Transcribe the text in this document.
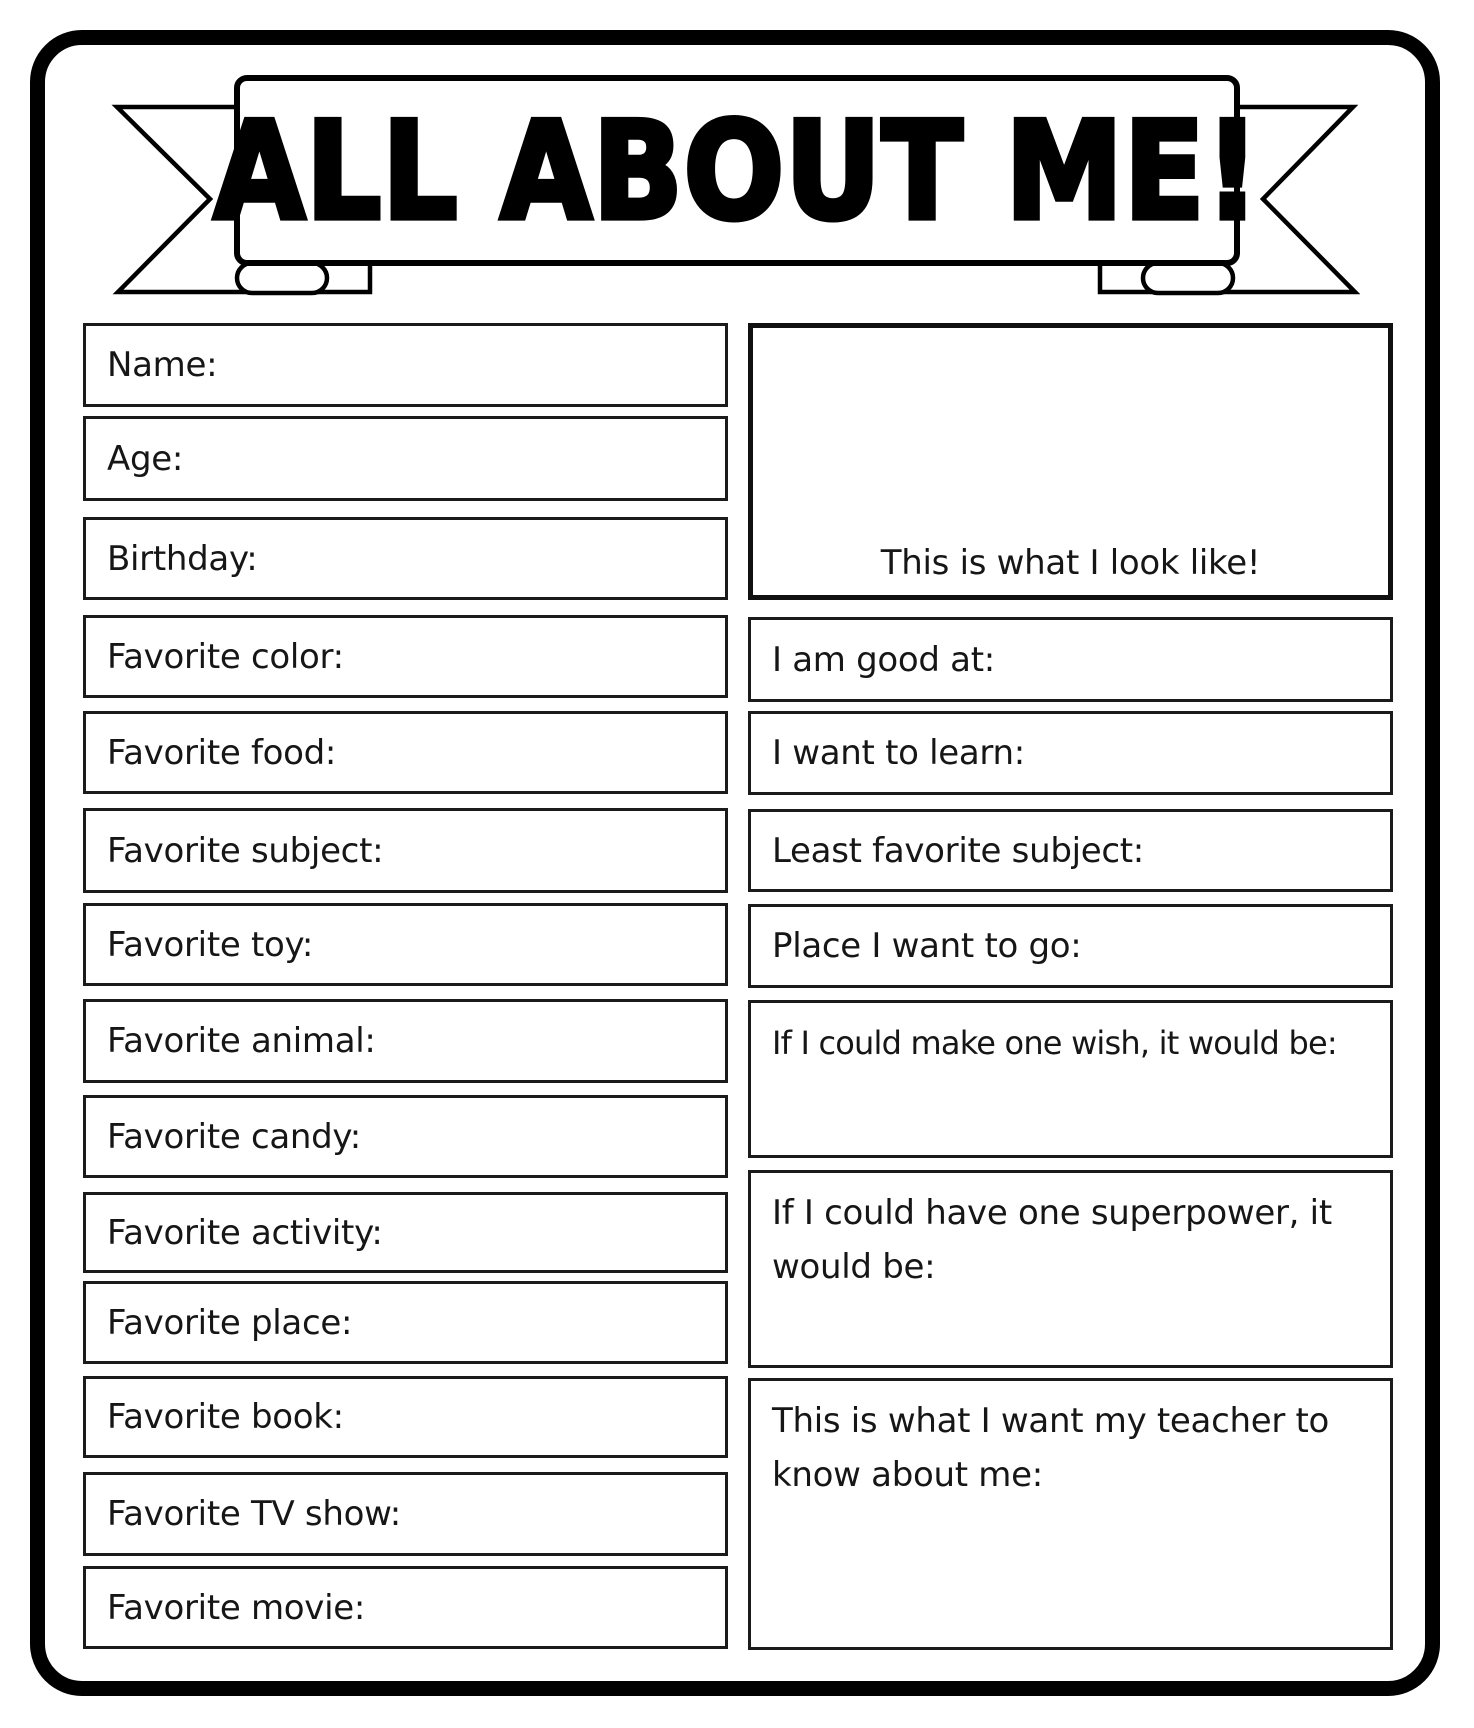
ALL ABOUT ME!
Name:
Age:
Birthday:
Favorite color:
Favorite food:
Favorite subject:
Favorite toy:
Favorite animal:
Favorite candy:
Favorite activity:
Favorite place:
Favorite book:
Favorite TV show:
Favorite movie:
This is what I look like!
I am good at:
I want to learn:
Least favorite subject:
Place I want to go:
If I could make one wish, it would be:
If I could have one superpower, it
would be:
This is what I want my teacher to
know about me:
